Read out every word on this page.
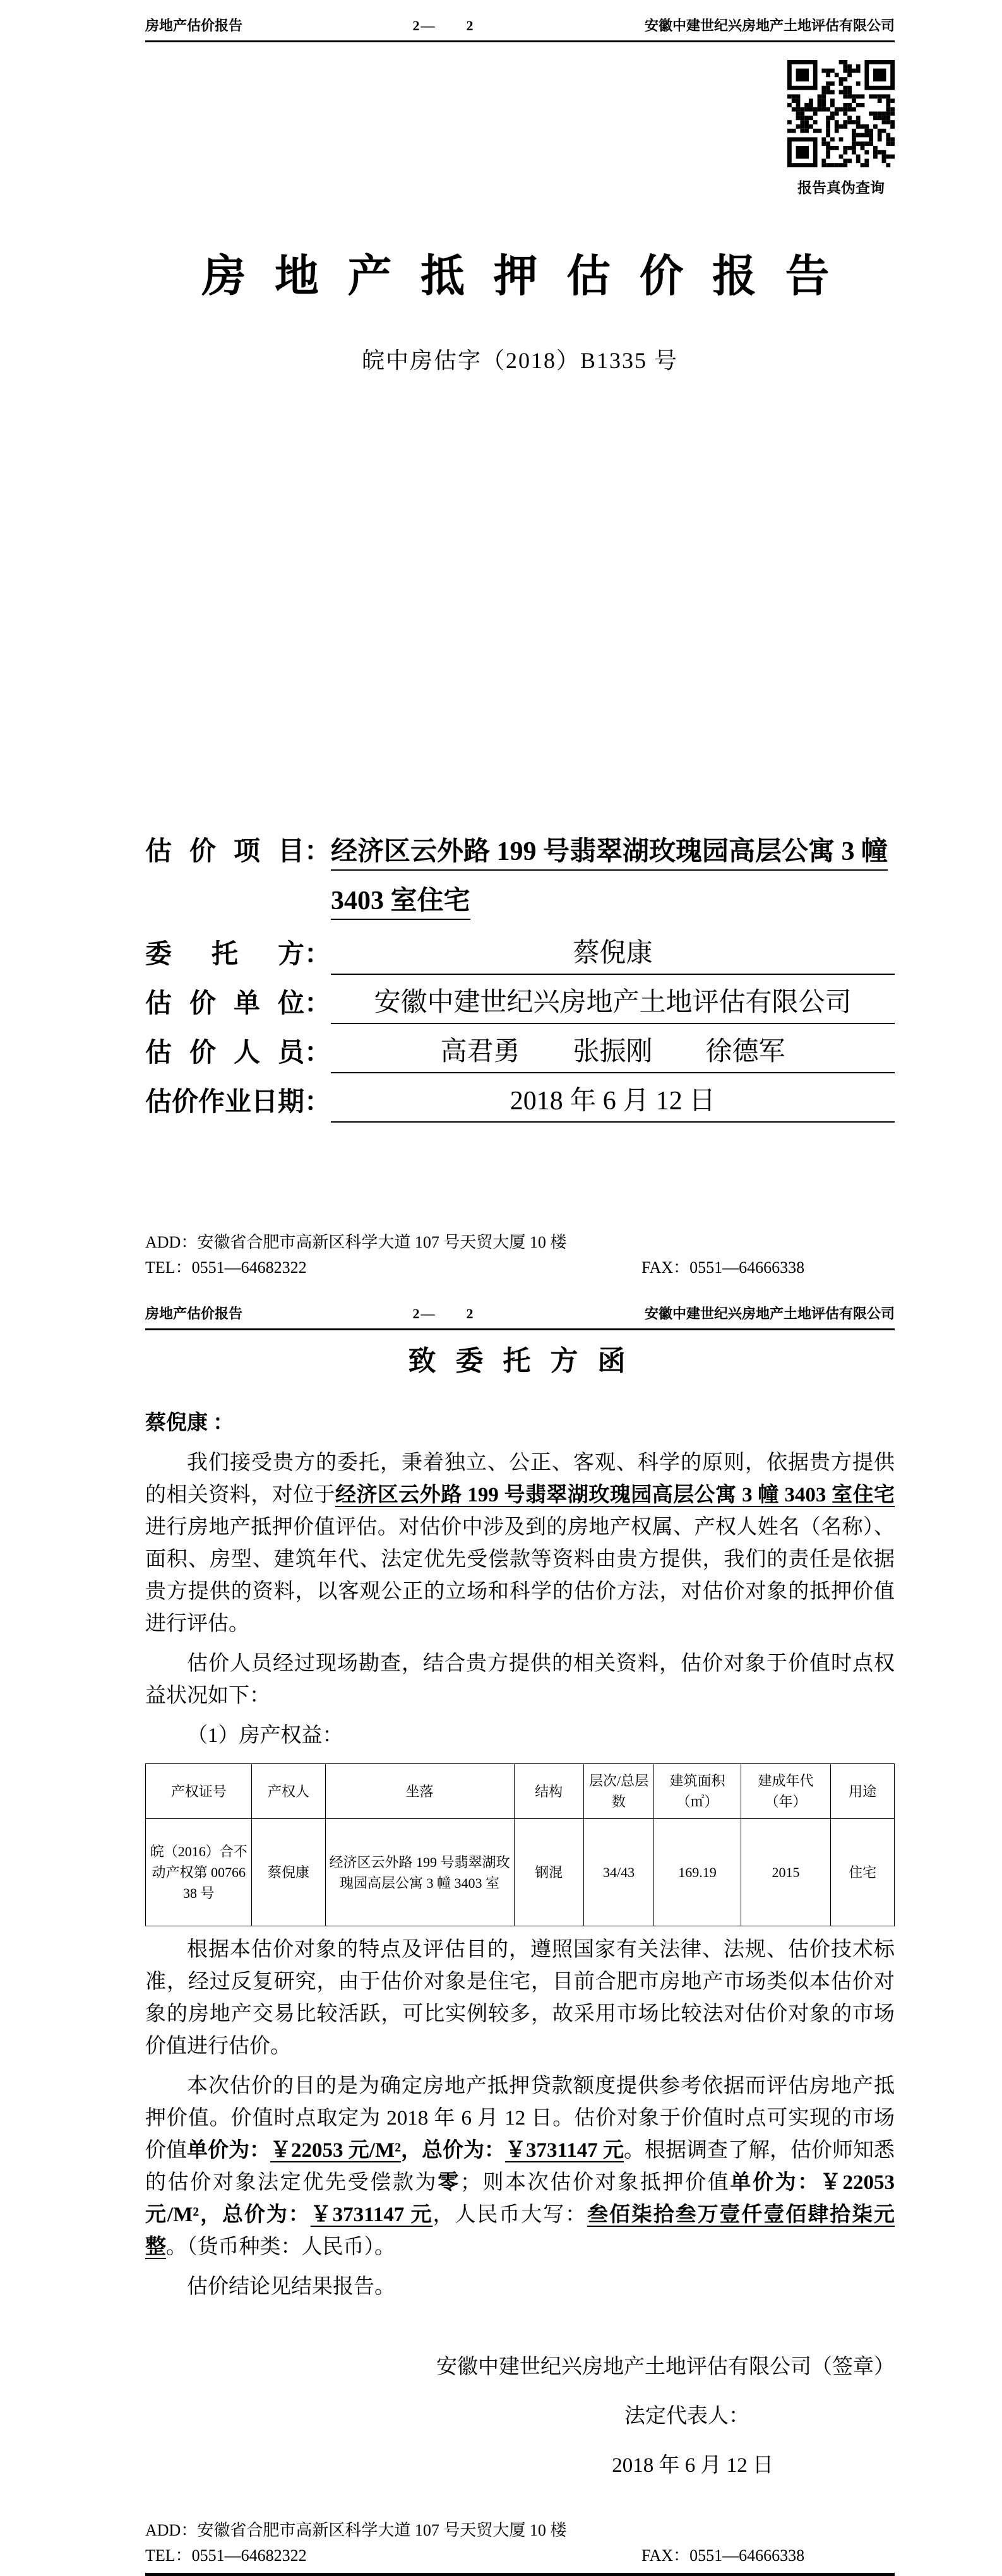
房地产估价报告	2—　　2	安徽中建世纪兴房地产土地评估有限公司
报告真伪查询
房 地 产 抵 押 估 价 报 告
皖中房估字（2018）B1335 号
估价项目： 经济区云外路 199 号翡翠湖玫瑰园高层公寓 3 幢 3403 室住宅
委托方：	蔡倪康
估价单位：	安徽中建世纪兴房地产土地评估有限公司
估价人员：	高君勇　　张振刚　　徐德军
估价作业日期：	2018 年 6 月 12 日
ADD：安徽省合肥市高新区科学大道 107 号天贸大厦 10 楼
TEL：0551—64682322	FAX：0551—64666338
房地产估价报告	2—　　2	安徽中建世纪兴房地产土地评估有限公司
致 委 托 方 函
蔡倪康 ：

我们接受贵方的委托，秉着独立、公正、客观、科学的原则，依据贵方提供的相关资料，对位于经济区云外路 199 号翡翠湖玫瑰园高层公寓 3 幢 3403 室住宅进行房地产抵押价值评估。对估价中涉及到的房地产权属、产权人姓名（名称）、面积、房型、建筑年代、法定优先受偿款等资料由贵方提供，我们的责任是依据贵方提供的资料，以客观公正的立场和科学的估价方法，对估价对象的抵押价值进行评估。

估价人员经过现场勘查，结合贵方提供的相关资料，估价对象于价值时点权益状况如下：

（1）房产权益：

产权证号	产权人	坐落	结构	层次/总层数	建筑面积（㎡）	建成年代（年）	用途
皖（2016）合不动产权第 0076638 号	蔡倪康	经济区云外路 199 号翡翠湖玫瑰园高层公寓 3 幢 3403 室	钢混	34/43	169.19	2015	住宅

根据本估价对象的特点及评估目的，遵照国家有关法律、法规、估价技术标准，经过反复研究，由于估价对象是住宅，目前合肥市房地产市场类似本估价对象的房地产交易比较活跃，可比实例较多，故采用市场比较法对估价对象的市场价值进行估价。

本次估价的目的是为确定房地产抵押贷款额度提供参考依据而评估房地产抵押价值。价值时点取定为 2018 年 6 月 12 日。估价对象于价值时点可实现的市场价值单价为：￥22053 元/M²，总价为：￥3731147 元。根据调查了解，估价师知悉的估价对象法定优先受偿款为零；则本次估价对象抵押价值单价为：￥22053 元/M²，总价为：￥3731147 元，人民币大写：叁佰柒拾叁万壹仟壹佰肆拾柒元整。（货币种类：人民币）。

估价结论见结果报告。

安徽中建世纪兴房地产土地评估有限公司（签章）
法定代表人：
2018 年 6 月 12 日
ADD：安徽省合肥市高新区科学大道 107 号天贸大厦 10 楼
TEL：0551—64682322	FAX：0551—64666338
